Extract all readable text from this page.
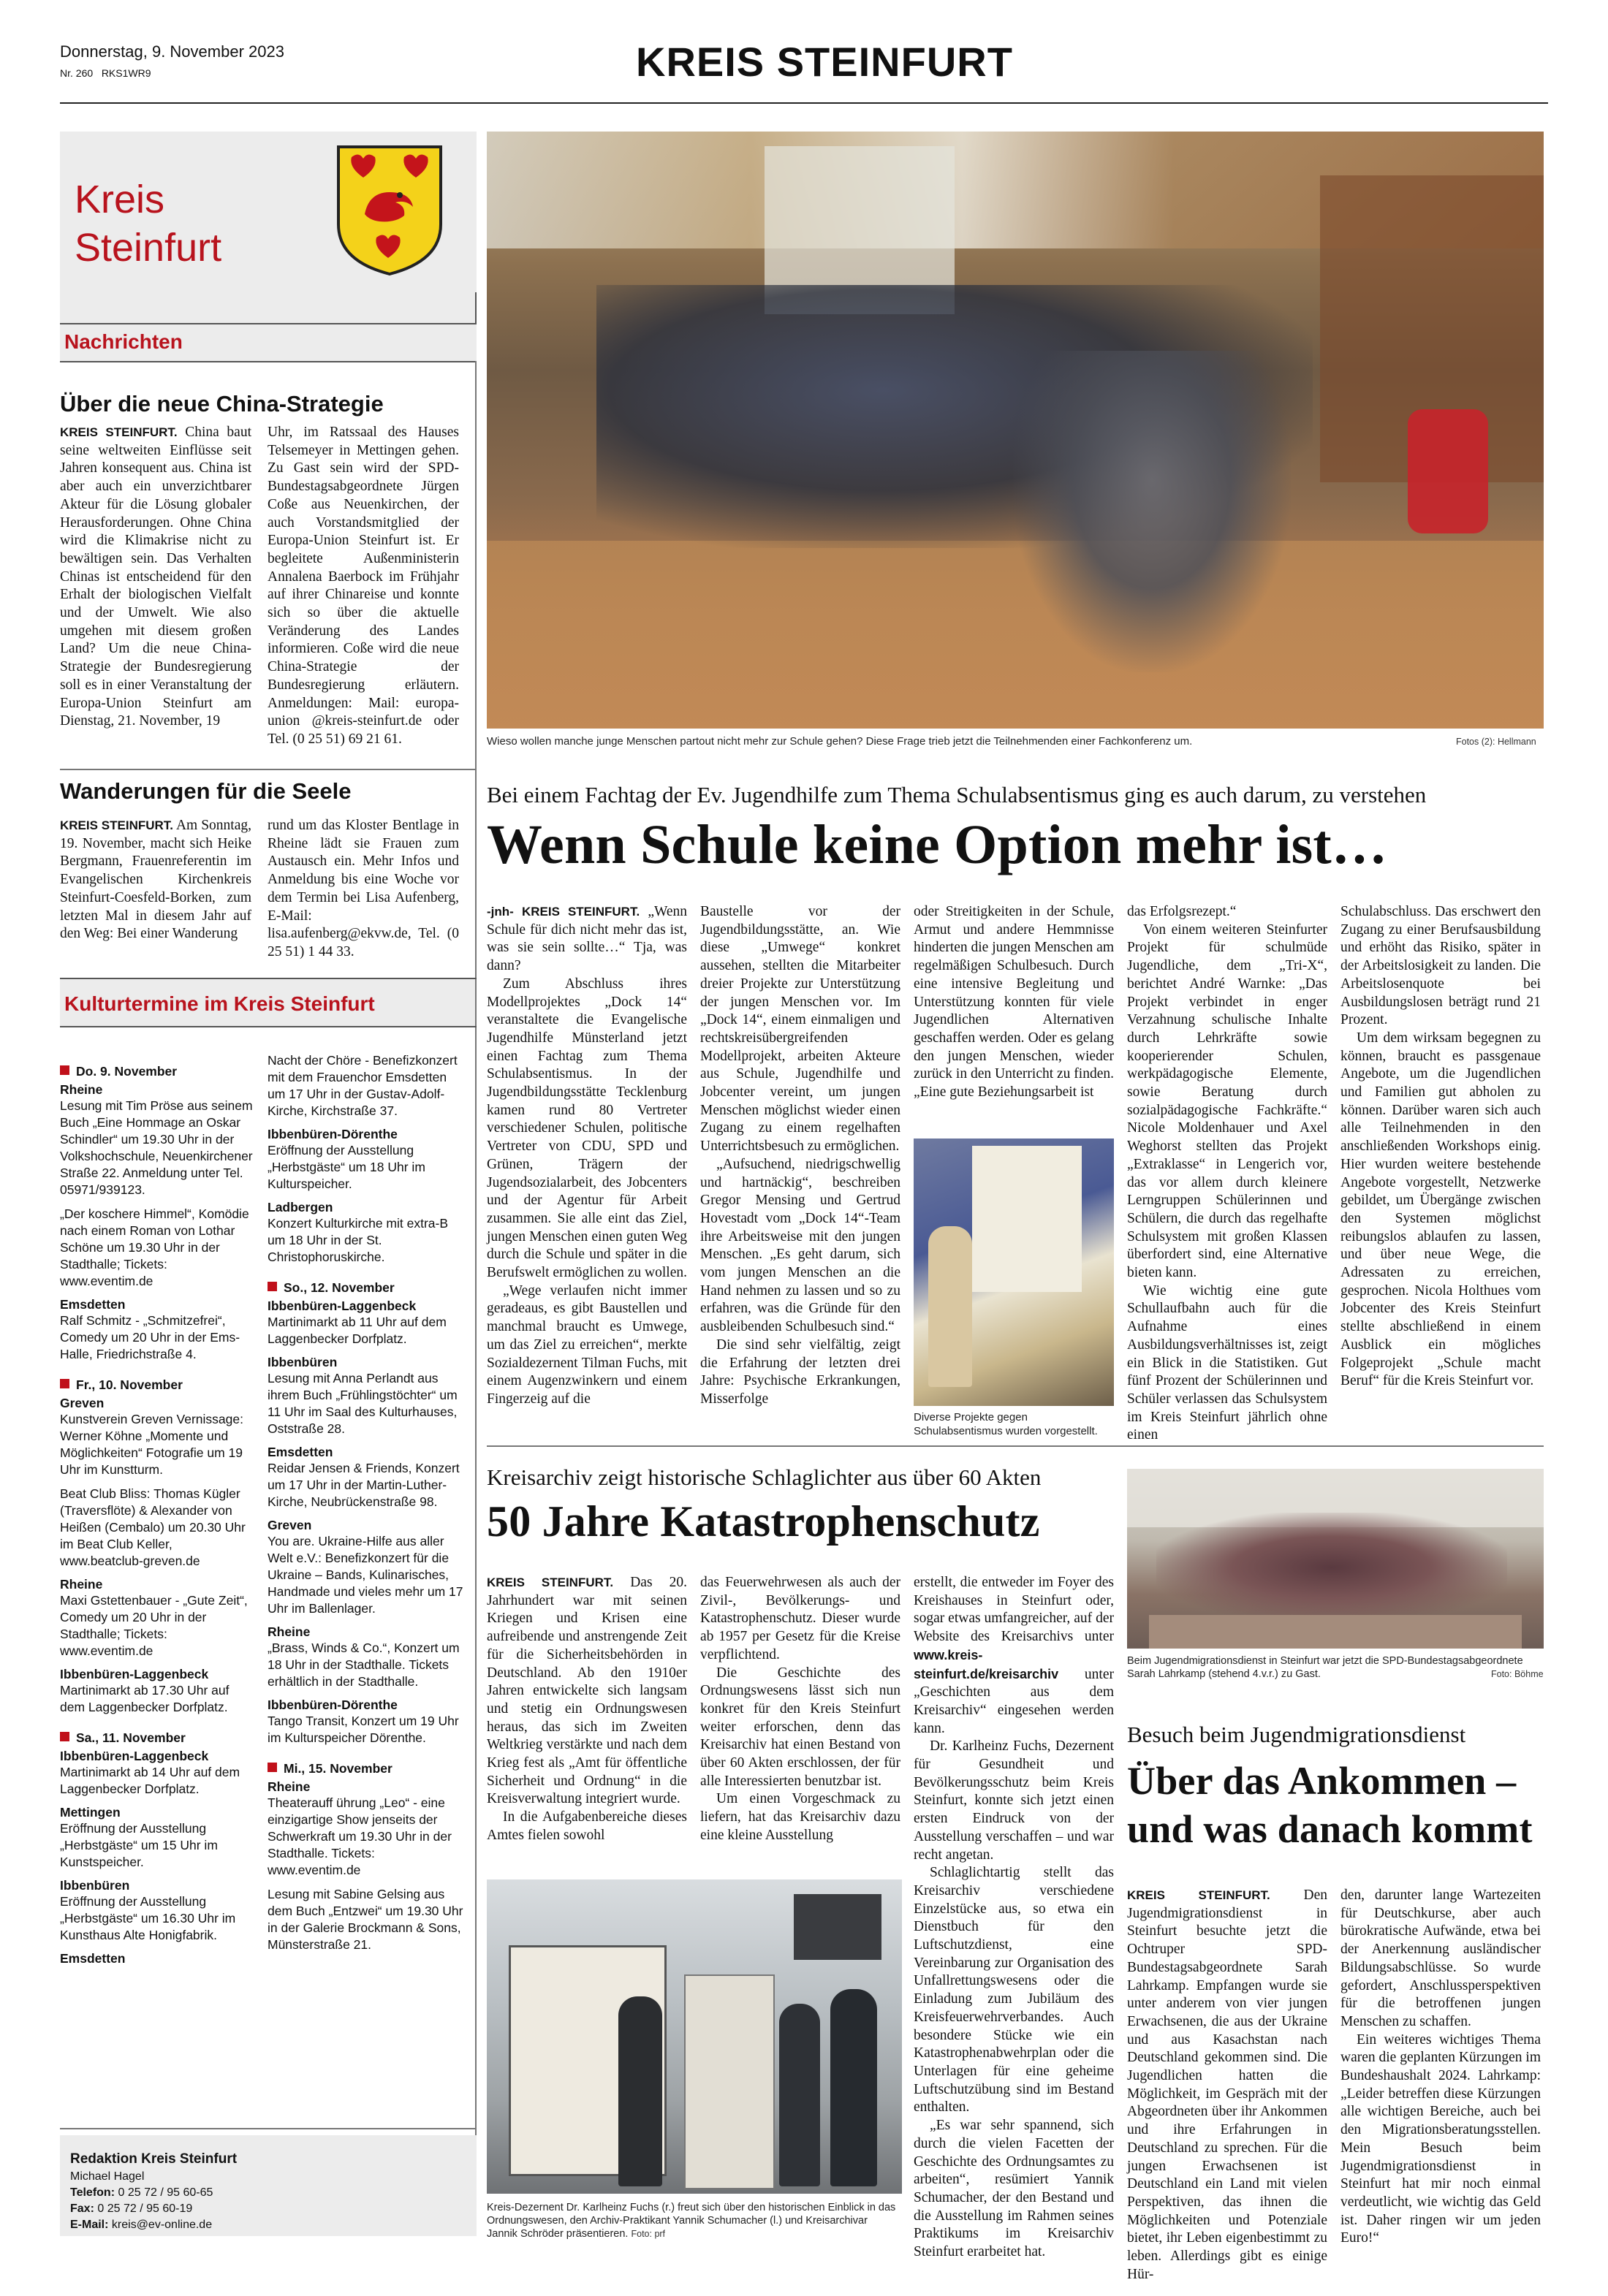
Donnerstag, 9. November 2023
Nr. 260 RKS1WR9	KREIS STEINFURT
Kreis Steinfurt
Nachrichten
Über die neue China-Strategie
KREIS STEINFURT. China baut seine weltweiten Einflüsse seit Jahren konsequent aus. China ist aber auch ein unverzichtbarer Akteur für die Lösung globaler Herausforderungen. Ohne China wird die Klimakrise nicht zu bewältigen sein. Das Verhalten Chinas ist entscheidend für den Erhalt der biologischen Vielfalt und der Umwelt. Wie also umgehen mit diesem großen Land? Um die neue China-Strategie der Bundesregierung soll es in einer Veranstaltung der Europa-Union Steinfurt am Dienstag, 21. November, 19
Uhr, im Ratssaal des Hauses Telsemeyer in Mettingen gehen. Zu Gast sein wird der SPD-Bundestagsabgeordnete Jürgen Coße aus Neuenkirchen, der auch Vorstandsmitglied der Europa-Union Steinfurt ist. Er begleitete Außenministerin Annalena Baerbock im Frühjahr auf ihrer Chinareise und konnte sich so über die aktuelle Veränderung des Landes informieren. Coße wird die neue China-Strategie der Bundesregierung erläutern. Anmeldungen: Mail: europa-union @kreis-steinfurt.de oder Tel. (0 25 51) 69 21 61.
Wanderungen für die Seele
KREIS STEINFURT. Am Sonntag, 19. November, macht sich Heike Bergmann, Frauenreferentin im Evangelischen Kirchenkreis Steinfurt-Coesfeld-Borken, zum letzten Mal in diesem Jahr auf den Weg: Bei einer Wanderung
rund um das Kloster Bentlage in Rheine lädt sie Frauen zum Austausch ein. Mehr Infos und Anmeldung bis eine Woche vor dem Termin bei Lisa Aufenberg, E-Mail: lisa.aufenberg@ekvw.de, Tel. (0 25 51) 1 44 33.
Kulturtermine im Kreis Steinfurt
Do. 9. November
Rheine
Lesung mit Tim Pröse aus seinem Buch „Eine Hommage an Oskar Schindler“ um 19.30 Uhr in der Volkshochschule, Neuenkirchener Straße 22. Anmeldung unter Tel. 05971/939123.
„Der koschere Himmel“, Komödie nach einem Roman von Lothar Schöne um 19.30 Uhr in der Stadthalle; Tickets: www.eventim.de
Emsdetten
Ralf Schmitz - „Schmitzefrei“, Comedy um 20 Uhr in der Ems-Halle, Friedrichstraße 4.
Fr., 10. November
Greven
Kunstverein Greven Vernissage: Werner Köhne „Momente und Möglichkeiten“ Fotografie um 19 Uhr im Kunstturm.
Beat Club Bliss: Thomas Kügler (Traversflöte) & Alexander von Heißen (Cembalo) um 20.30 Uhr im Beat Club Keller, www.beatclub-greven.de
Rheine
Maxi Gstettenbauer - „Gute Zeit“, Comedy um 20 Uhr in der Stadthalle; Tickets: www.eventim.de
Ibbenbüren-Laggenbeck
Martinimarkt ab 17.30 Uhr auf dem Laggenbecker Dorfplatz.
Sa., 11. November
Ibbenbüren-Laggenbeck
Martinimarkt ab 14 Uhr auf dem Laggenbecker Dorfplatz.
Mettingen
Eröffnung der Ausstellung „Herbstgäste“ um 15 Uhr im Kunstspeicher.
Ibbenbüren
Eröffnung der Ausstellung „Herbstgäste“ um 16.30 Uhr im Kunsthaus Alte Honigfabrik.
Emsdetten
Nacht der Chöre - Benefizkonzert mit dem Frauenchor Emsdetten um 17 Uhr in der Gustav-Adolf-Kirche, Kirchstraße 37.
Ibbenbüren-Dörenthe
Eröffnung der Ausstellung „Herbstgäste“ um 18 Uhr im Kulturspeicher.
Ladbergen
Konzert Kulturkirche mit extra-B um 18 Uhr in der St. Christophoruskirche.
So., 12. November
Ibbenbüren-Laggenbeck
Martinimarkt ab 11 Uhr auf dem Laggenbecker Dorfplatz.
Ibbenbüren
Lesung mit Anna Perlandt aus ihrem Buch „Frühlingstöchter“ um 11 Uhr im Saal des Kulturhauses, Oststraße 28.
Emsdetten
Reidar Jensen & Friends, Konzert um 17 Uhr in der Martin-Luther-Kirche, Neubrückenstraße 98.
Greven
You are. Ukraine-Hilfe aus aller Welt e.V.: Benefizkonzert für die Ukraine – Bands, Kulinarisches, Handmade und vieles mehr um 17 Uhr im Ballenlager.
Rheine
„Brass, Winds & Co.“, Konzert um 18 Uhr in der Stadthalle. Tickets erhältlich in der Stadthalle.
Ibbenbüren-Dörenthe
Tango Transit, Konzert um 19 Uhr im Kulturspeicher Dörenthe.
Mi., 15. November
Rheine
Theaterauff ührung „Leo“ - eine einzigartige Show jenseits der Schwerkraft um 19.30 Uhr in der Stadthalle. Tickets: www.eventim.de
Lesung mit Sabine Gelsing aus dem Buch „Entzwei“ um 19.30 Uhr in der Galerie Brockmann & Sons, Münsterstraße 21.
Redaktion Kreis Steinfurt
Michael Hagel
Telefon: 0 25 72 / 95 60-65
Fax: 0 25 72 / 95 60-19
E-Mail: kreis@ev-online.de
Wieso wollen manche junge Menschen partout nicht mehr zur Schule gehen? Diese Frage trieb jetzt die Teilnehmenden einer Fachkonferenz um.	Fotos (2): Hellmann
Bei einem Fachtag der Ev. Jugendhilfe zum Thema Schulabsentismus ging es auch darum, zu verstehen
Wenn Schule keine Option mehr ist…

-jnh- KREIS STEINFURT. „Wenn Schule für dich nicht mehr das ist, was sie sein sollte…“ Tja, was dann?

Zum Abschluss ihres Modellprojektes „Dock 14“ veranstaltete die Evangelische Jugendhilfe Münsterland jetzt einen Fachtag zum Thema Schulabsentismus. In der Jugendbildungsstätte Tecklenburg kamen rund 80 Vertreter verschiedener Schulen, politische Vertreter von CDU, SPD und Grünen, Trägern der Jugendsozialarbeit, des Jobcenters und der Agentur für Arbeit zusammen. Sie alle eint das Ziel, jungen Menschen einen guten Weg durch die Schule und später in die Berufswelt ermöglichen zu wollen.

„Wege verlaufen nicht immer geradeaus, es gibt Baustellen und manchmal braucht es Umwege, um das Ziel zu erreichen“, merkte Sozialdezernent Tilman Fuchs, mit einem Augenzwinkern und einem Fingerzeig auf die

Baustelle vor der Jugendbildungsstätte, an. Wie diese „Umwege“ konkret aussehen, stellten die Mitarbeiter dreier Projekte zur Unterstützung der jungen Menschen vor. Im „Dock 14“, einem einmaligen und rechtskreisübergreifenden Modellprojekt, arbeiten Akteure aus Schule, Jugendhilfe und Jobcenter vereint, um jungen Menschen möglichst wieder einen Zugang zu einem regelhaften Unterrichtsbesuch zu ermöglichen.

„Aufsuchend, niedrigschwellig und hartnäckig“, beschreiben Gregor Mensing und Gertrud Hovestadt vom „Dock 14“-Team ihre Arbeitsweise mit den jungen Menschen. „Es geht darum, sich vom jungen Menschen an die Hand nehmen zu lassen und so zu erfahren, was die Gründe für den ausbleibenden Schulbesuch sind.“

Die sind sehr vielfältig, zeigt die Erfahrung der letzten drei Jahre: Psychische Erkrankungen, Misserfolge

oder Streitigkeiten in der Schule, Armut und andere Hemmnisse hinderten die jungen Menschen am regelmäßigen Schulbesuch. Durch eine intensive Begleitung und Unterstützung konnten für viele Jugendlichen Alternativen geschaffen werden. Oder es gelang den jungen Menschen, wieder zurück in den Unterricht zu finden. „Eine gute Beziehungsarbeit ist

Diverse Projekte gegen Schulabsentismus wurden vorgestellt.

das Erfolgsrezept.“

Von einem weiteren Steinfurter Projekt für schulmüde Jugendliche, dem „Tri-X“, berichtet André Warnke: „Das Projekt verbindet in enger Verzahnung schulische Inhalte durch Lehrkräfte sowie kooperierender Schulen, werkpädagogische Elemente, sowie Beratung durch sozialpädagogische Fachkräfte.“ Nicole Moldenhauer und Axel Weghorst stellten das Projekt „Extraklasse“ in Lengerich vor, das vor allem durch kleinere Lerngruppen Schülerinnen und Schülern, die durch das regelhafte Schulsystem mit großen Klassen überfordert sind, eine Alternative bieten kann.

Wie wichtig eine gute Schullaufbahn auch für die Aufnahme eines Ausbildungsverhältnisses ist, zeigt ein Blick in die Statistiken. Gut fünf Prozent der Schülerinnen und Schüler verlassen das Schulsystem im Kreis Steinfurt jährlich ohne einen

Schulabschluss. Das erschwert den Zugang zu einer Berufsausbildung und erhöht das Risiko, später in der Arbeitslosigkeit zu landen. Die Arbeitslosenquote bei Ausbildungslosen beträgt rund 21 Prozent.

Um dem wirksam begegnen zu können, braucht es passgenaue Angebote, um die Jugendlichen und Familien gut abholen zu können. Darüber waren sich auch alle Teilnehmenden in den anschließenden Workshops einig. Hier wurden weitere bestehende Angebote vorgestellt, Netzwerke gebildet, um Übergänge zwischen den Systemen möglichst reibungslos ablaufen zu lassen, und über neue Wege, die Adressaten zu erreichen, gesprochen. Nicola Holthues vom Jobcenter des Kreis Steinfurt stellte abschließend in einem Ausblick ein mögliches Folgeprojekt „Schule macht Beruf“ für die Kreis Steinfurt vor.

Kreisarchiv zeigt historische Schlaglichter aus über 60 Akten
50 Jahre Katastrophenschutz

KREIS STEINFURT. Das 20. Jahrhundert war mit seinen Kriegen und Krisen eine aufreibende und anstrengende Zeit für die Sicherheitsbehörden in Deutschland. Ab den 1910er Jahren entwickelte sich langsam und stetig ein Ordnungswesen heraus, das sich im Zweiten Weltkrieg verstärkte und nach dem Krieg fest als „Amt für öffentliche Sicherheit und Ordnung“ in die Kreisverwaltung integriert wurde.

In die Aufgabenbereiche dieses Amtes fielen sowohl

das Feuerwehrwesen als auch der Zivil-, Bevölkerungs- und Katastrophenschutz. Dieser wurde ab 1957 per Gesetz für die Kreise verpflichtend.

Die Geschichte des Ordnungswesens lässt sich nun konkret für den Kreis Steinfurt weiter erforschen, denn das Kreisarchiv hat einen Bestand von über 60 Akten erschlossen, der für alle Interessierten benutzbar ist.

Um einen Vorgeschmack zu liefern, hat das Kreisarchiv dazu eine kleine Ausstellung

erstellt, die entweder im Foyer des Kreishauses in Steinfurt oder, sogar etwas umfangreicher, auf der Website des Kreisarchivs unter www.kreis-steinfurt.de/kreisarchiv unter „Geschichten aus dem Kreisarchiv“ eingesehen werden kann.

Dr. Karlheinz Fuchs, Dezernent für Gesundheit und Bevölkerungsschutz beim Kreis Steinfurt, konnte sich jetzt einen ersten Eindruck von der Ausstellung verschaffen – und war recht angetan.

Schlaglichtartig stellt das Kreisarchiv verschiedene Einzelstücke aus, so etwa ein Dienstbuch für den Luftschutzdienst, eine Vereinbarung zur Organisation des Unfallrettungswesens oder die Einladung zum Jubiläum des Kreisfeuerwehrverbandes. Auch besondere Stücke wie ein Katastrophenabwehrplan oder die Unterlagen für eine geheime Luftschutzübung sind im Bestand enthalten.

„Es war sehr spannend, sich durch die vielen Facetten der Geschichte des Ordnungsamtes zu arbeiten“, resümiert Yannik Schumacher, der den Bestand und die Ausstellung im Rahmen seines Praktikums im Kreisarchiv Steinfurt erarbeitet hat.

Kreis-Dezernent Dr. Karlheinz Fuchs (r.) freut sich über den historischen Einblick in das Ordnungswesen, den Archiv-Praktikant Yannik Schumacher (l.) und Kreisarchivar Jannik Schröder präsentieren. Foto: prf
Beim Jugendmigrationsdienst in Steinfurt war jetzt die SPD-Bundestagsabgeordnete Sarah Lahrkamp (stehend 4.v.r.) zu Gast.	Foto: Böhme
Besuch beim Jugendmigrationsdienst
Über das Ankommen – und was danach kommt

KREIS STEINFURT. Den Jugendmigrationsdienst in Steinfurt besuchte jetzt die Ochtruper SPD-Bundestagsabgeordnete Sarah Lahrkamp. Empfangen wurde sie unter anderem von vier jungen Erwachsenen, die aus der Ukraine und aus Kasachstan nach Deutschland gekommen sind. Die Jugendlichen hatten die Möglichkeit, im Gespräch mit der Abgeordneten über ihr Ankommen und ihre Erfahrungen in Deutschland zu sprechen. Für die jungen Erwachsenen ist Deutschland ein Land mit vielen Perspektiven, das ihnen die Möglichkeiten und Potenziale bietet, ihr Leben eigenbestimmt zu leben. Allerdings gibt es einige Hür-

den, darunter lange Wartezeiten für Deutschkurse, aber auch bürokratische Aufwände, etwa bei der Anerkennung ausländischer Bildungsabschlüsse. So wurde gefordert, Anschlussperspektiven für die betroffenen jungen Menschen zu schaffen.

Ein weiteres wichtiges Thema waren die geplanten Kürzungen im Bundeshaushalt 2024. Lahrkamp: „Leider betreffen diese Kürzungen alle wichtigen Bereiche, auch bei den Migrationsberatungsstellen. Mein Besuch beim Jugendmigrationsdienst in Steinfurt hat mir noch einmal verdeutlicht, wie wichtig das Geld ist. Daher ringen wir um jeden Euro!“
